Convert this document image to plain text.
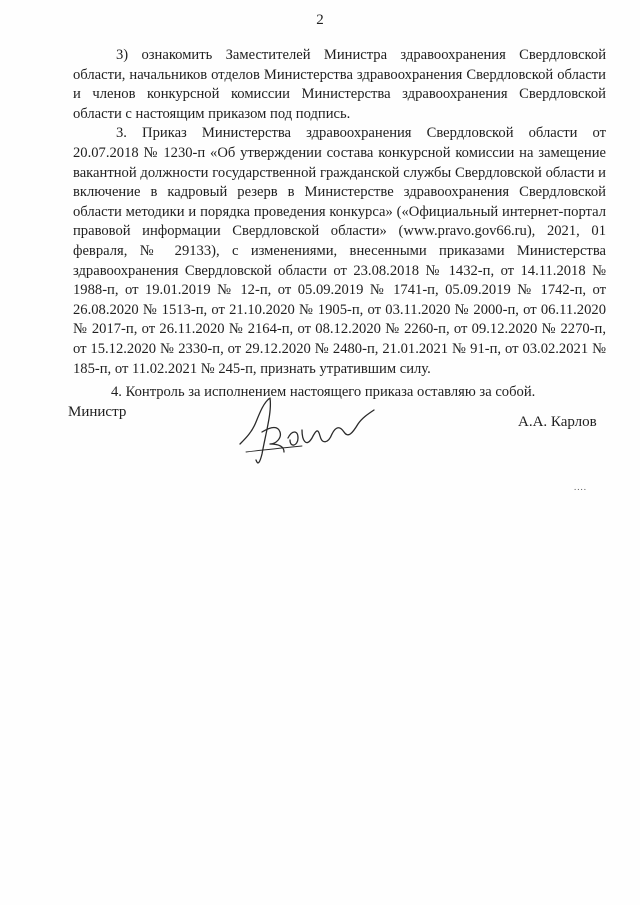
2

3) ознакомить Заместителей Министра здравоохранения Свердловской области, начальников отделов Министерства здравоохранения Свердловской области и членов конкурсной комиссии Министерства здравоохранения Свердловской области с настоящим приказом под подпись.

3. Приказ Министерства здравоохранения Свердловской области от 20.07.2018 № 1230-п «Об утверждении состава конкурсной комиссии на замещение вакантной должности государственной гражданской службы Свердловской области и включение в кадровый резерв в Министерстве здравоохранения Свердловской области методики и порядка проведения конкурса» («Официальный интернет-портал правовой информации Свердловской области» (www.pravo.gov66.ru), 2021, 01 февраля, № 29133), с изменениями, внесенными приказами Министерства здравоохранения Свердловской области от 23.08.2018 № 1432-п, от 14.11.2018 № 1988-п, от 19.01.2019 № 12-п, от 05.09.2019 № 1741-п, 05.09.2019 № 1742-п, от 26.08.2020 № 1513-п, от 21.10.2020 № 1905-п, от 03.11.2020 № 2000-п, от 06.11.2020 № 2017-п, от 26.11.2020 № 2164-п, от 08.12.2020 № 2260-п, от 09.12.2020 № 2270-п, от 15.12.2020 № 2330-п, от 29.12.2020 № 2480-п, 21.01.2021 № 91-п, от 03.02.2021 № 185-п, от 11.02.2021 № 245-п, признать утратившим силу.

4. Контроль за исполнением настоящего приказа оставляю за собой.

Министр
А.А. Карлов
....
